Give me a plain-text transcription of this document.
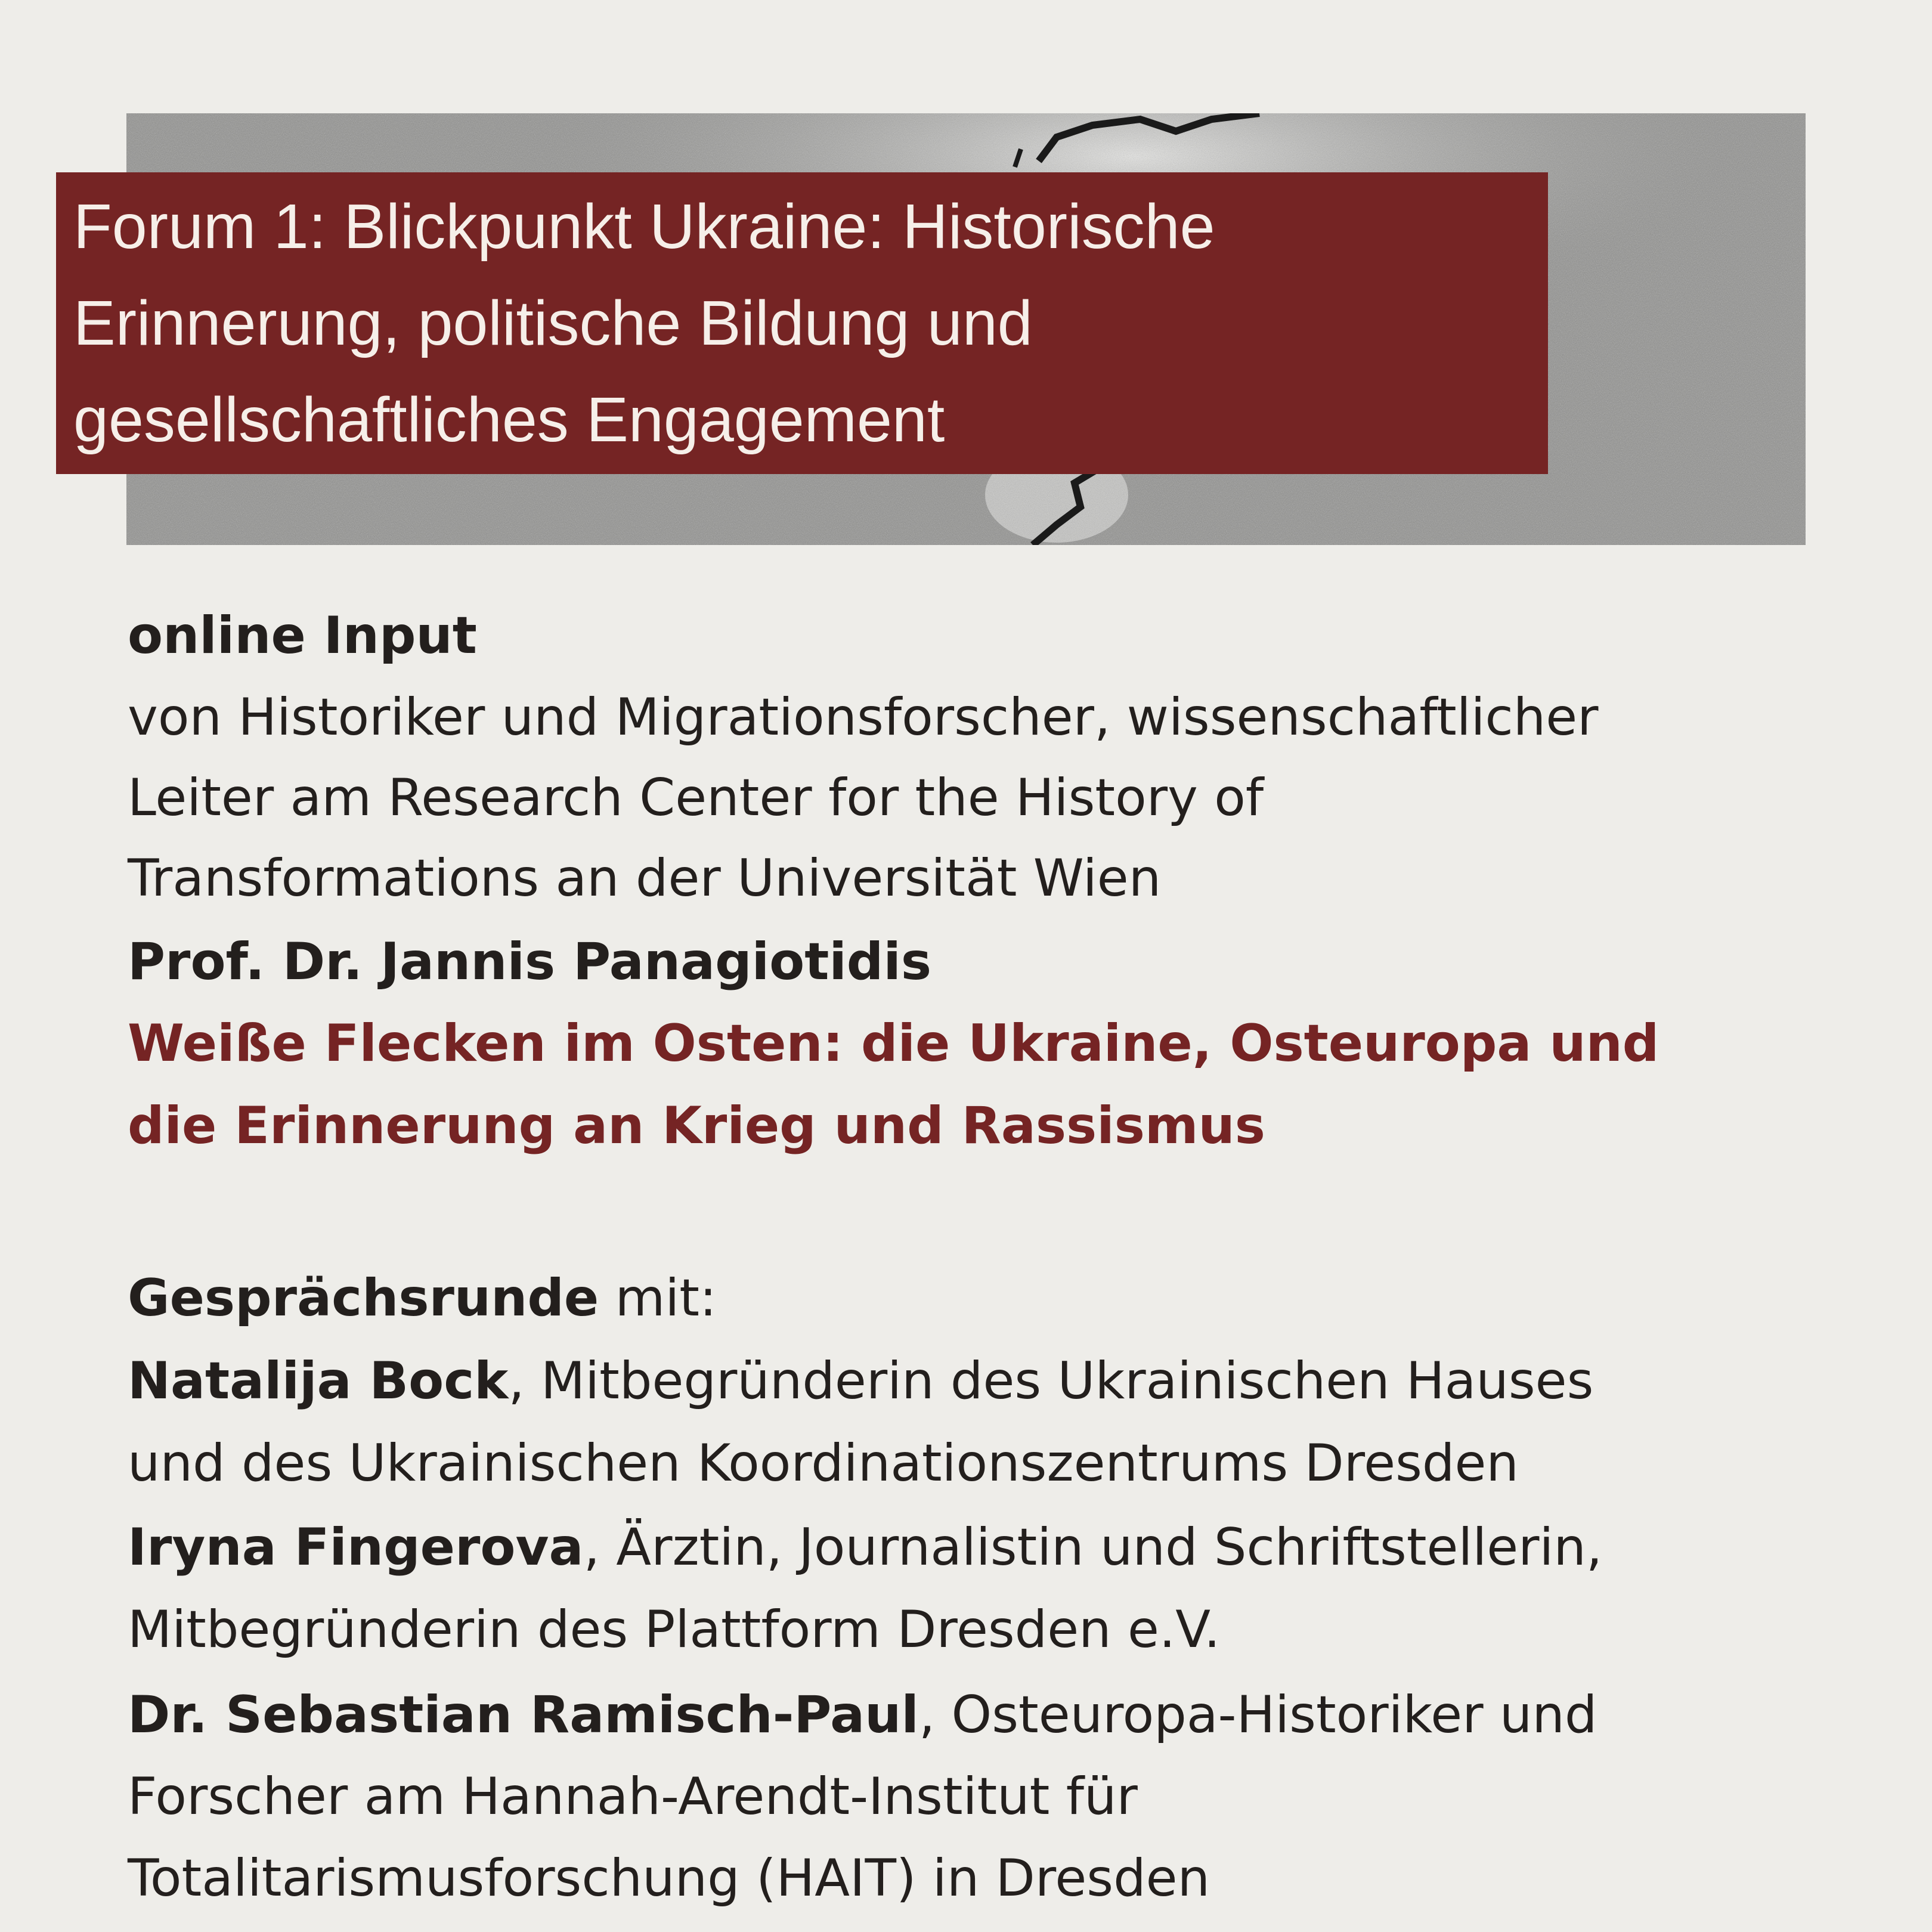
Forum 1: Blickpunkt Ukraine: Historische
Erinnerung, politische Bildung und
gesellschaftliches Engagement
online Input
von Historiker und Migrationsforscher, wissenschaftlicher
Leiter am Research Center for the History of
Transformations an der Universität Wien
Prof. Dr. Jannis Panagiotidis
Weiße Flecken im Osten: die Ukraine, Osteuropa und
die Erinnerung an Krieg und Rassismus
Gesprächsrunde mit:
Natalija Bock, Mitbegründerin des Ukrainischen Hauses
und des Ukrainischen Koordinationszentrums Dresden
Iryna Fingerova, Ärztin, Journalistin und Schriftstellerin,
Mitbegründerin des Plattform Dresden e.V.
Dr. Sebastian Ramisch-Paul, Osteuropa-Historiker und
Forscher am Hannah-Arendt-Institut für
Totalitarismusforschung (HAIT) in Dresden
